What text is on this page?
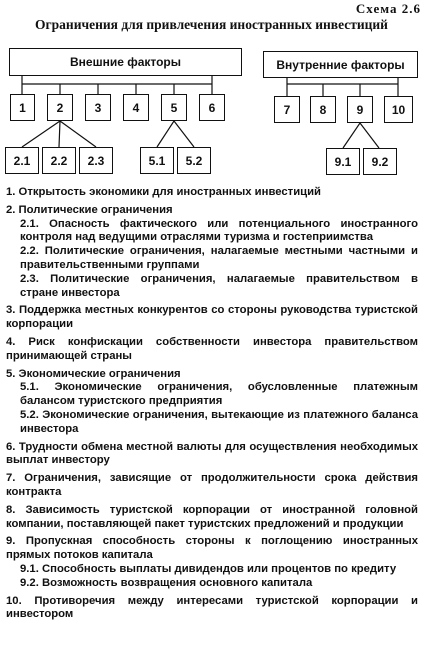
Схема 2.6
Ограничения для привлечения иностранных инвестиций
Внешние факторы
1	2	3	4	5	6
2.1	2.2	2.3	5.1	5.2
Внутренние факторы
7	8	9	10
9.1	9.2

1. Открытость экономики для иностранных инвестиций

2. Политические ограничения

2.1. Опасность фактического или потенциального иностранного контроля над ведущими отраслями туризма и гостеприимства

2.2. Политические ограничения, налагаемые местными частными и правительственными группами

2.3. Политические ограничения, налагаемые правительством в стране инвестора

3. Поддержка местных конкурентов со стороны руководства туристской корпорации

4. Риск конфискации собственности инвестора правительством принимающей страны

5. Экономические ограничения

5.1. Экономические ограничения, обусловленные платежным балансом туристского предприятия

5.2. Экономические ограничения, вытекающие из платежного баланса инвестора

6. Трудности обмена местной валюты для осуществления необходимых выплат инвестору

7. Ограничения, зависящие от продолжительности срока действия контракта

8. Зависимость туристской корпорации от иностранной головной компании, поставляющей пакет туристских предложений и продукции

9. Пропускная способность стороны к поглощению иностранных прямых потоков капитала

9.1. Способность выплаты дивидендов или процентов по кредиту

9.2. Возможность возвращения основного капитала

10. Противоречия между интересами туристской корпорации и инвестором
